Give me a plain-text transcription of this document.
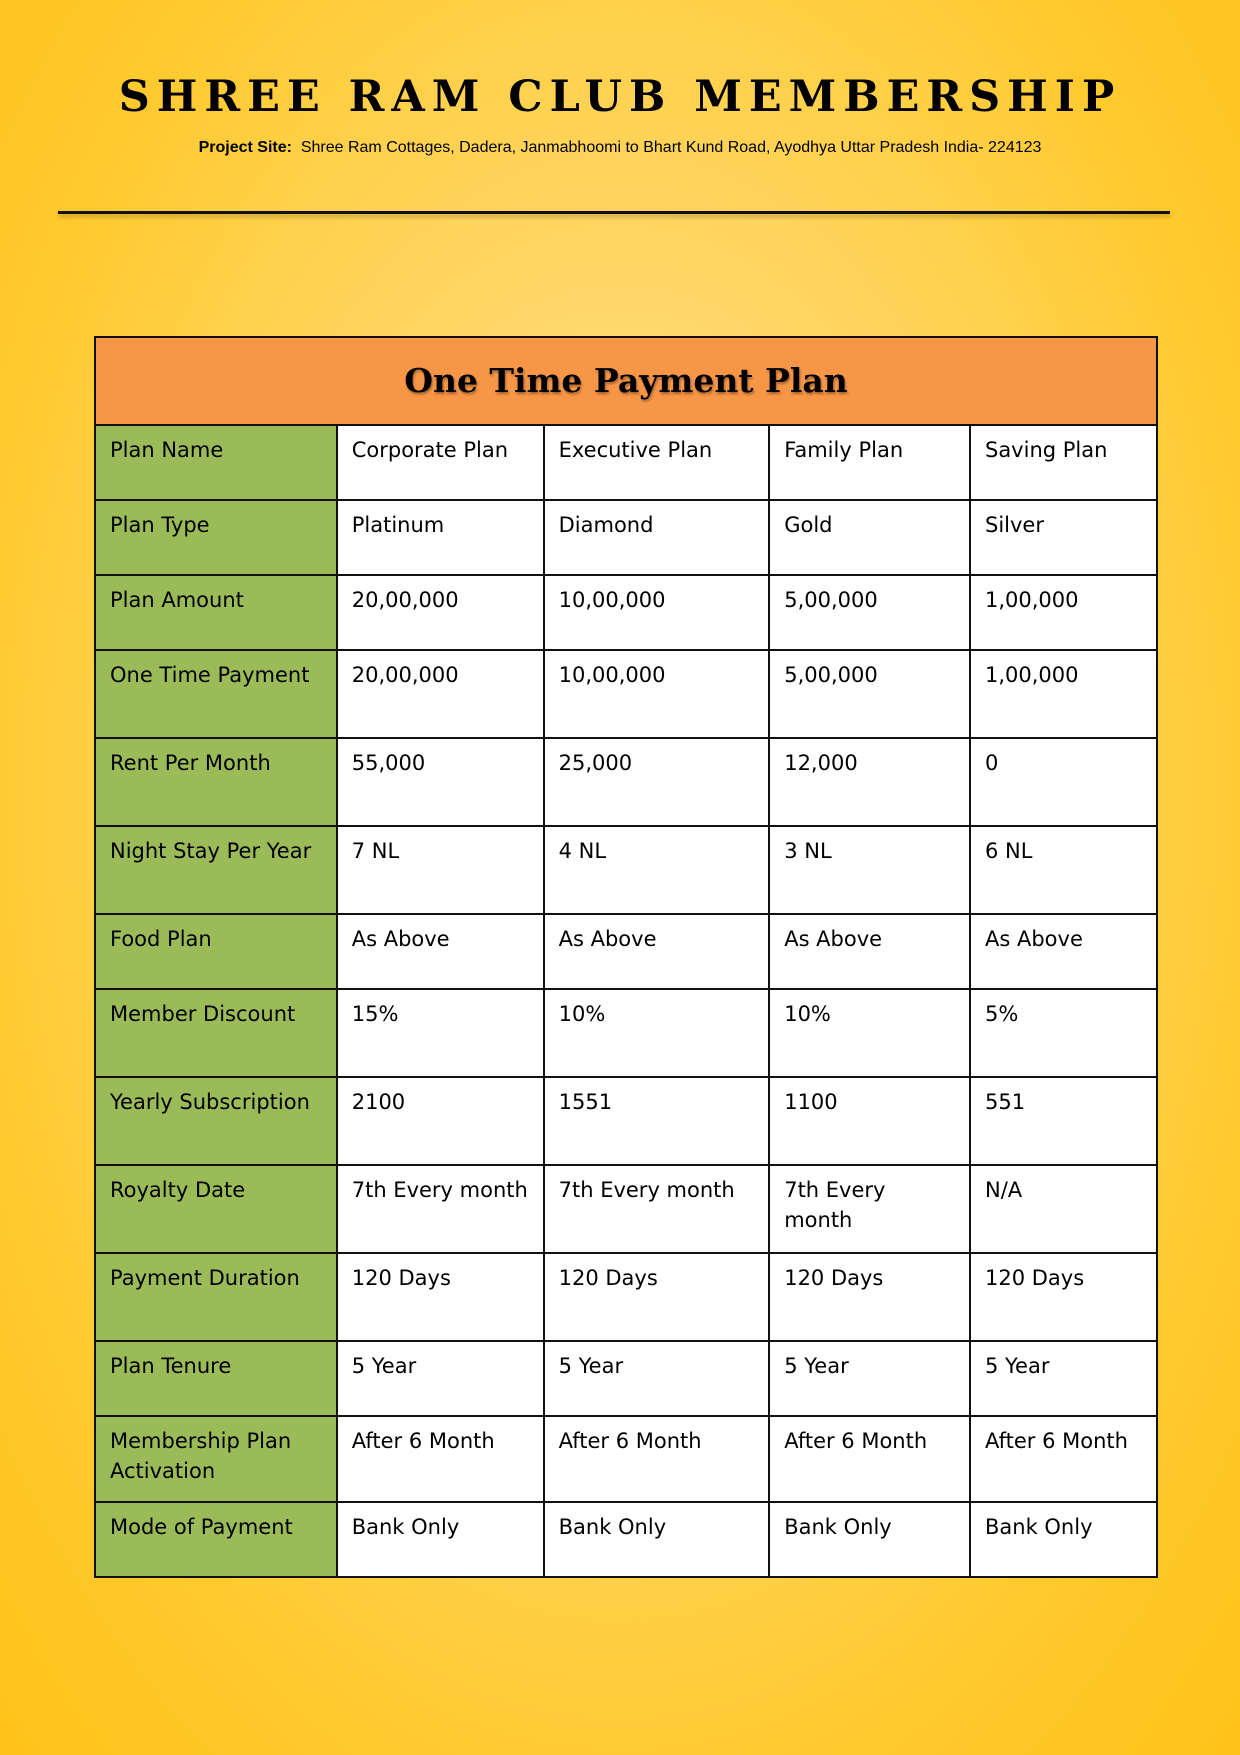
SHREE RAM CLUB MEMBERSHIP
Project Site: Shree Ram Cottages, Dadera, Janmabhoomi to Bhart Kund Road, Ayodhya Uttar Pradesh India- 224123
One Time Payment Plan				
Plan Name	Corporate Plan	Executive Plan	Family Plan	Saving Plan
Plan Type	Platinum	Diamond	Gold	Silver
Plan Amount	20,00,000	10,00,000	5,00,000	1,00,000
One Time Payment	20,00,000	10,00,000	5,00,000	1,00,000
Rent Per Month	55,000	25,000	12,000	0
Night Stay Per Year	7 NL	4 NL	3 NL	6 NL
Food Plan	As Above	As Above	As Above	As Above
Member Discount	15%	10%	10%	5%
Yearly Subscription	2100	1551	1100	551
Royalty Date	7th Every month	7th Every month	7th Every month	N/A
Payment Duration	120 Days	120 Days	120 Days	120 Days
Plan Tenure	5 Year	5 Year	5 Year	5 Year
Membership Plan Activation	After 6 Month	After 6 Month	After 6 Month	After 6 Month
Mode of Payment	Bank Only	Bank Only	Bank Only	Bank Only
